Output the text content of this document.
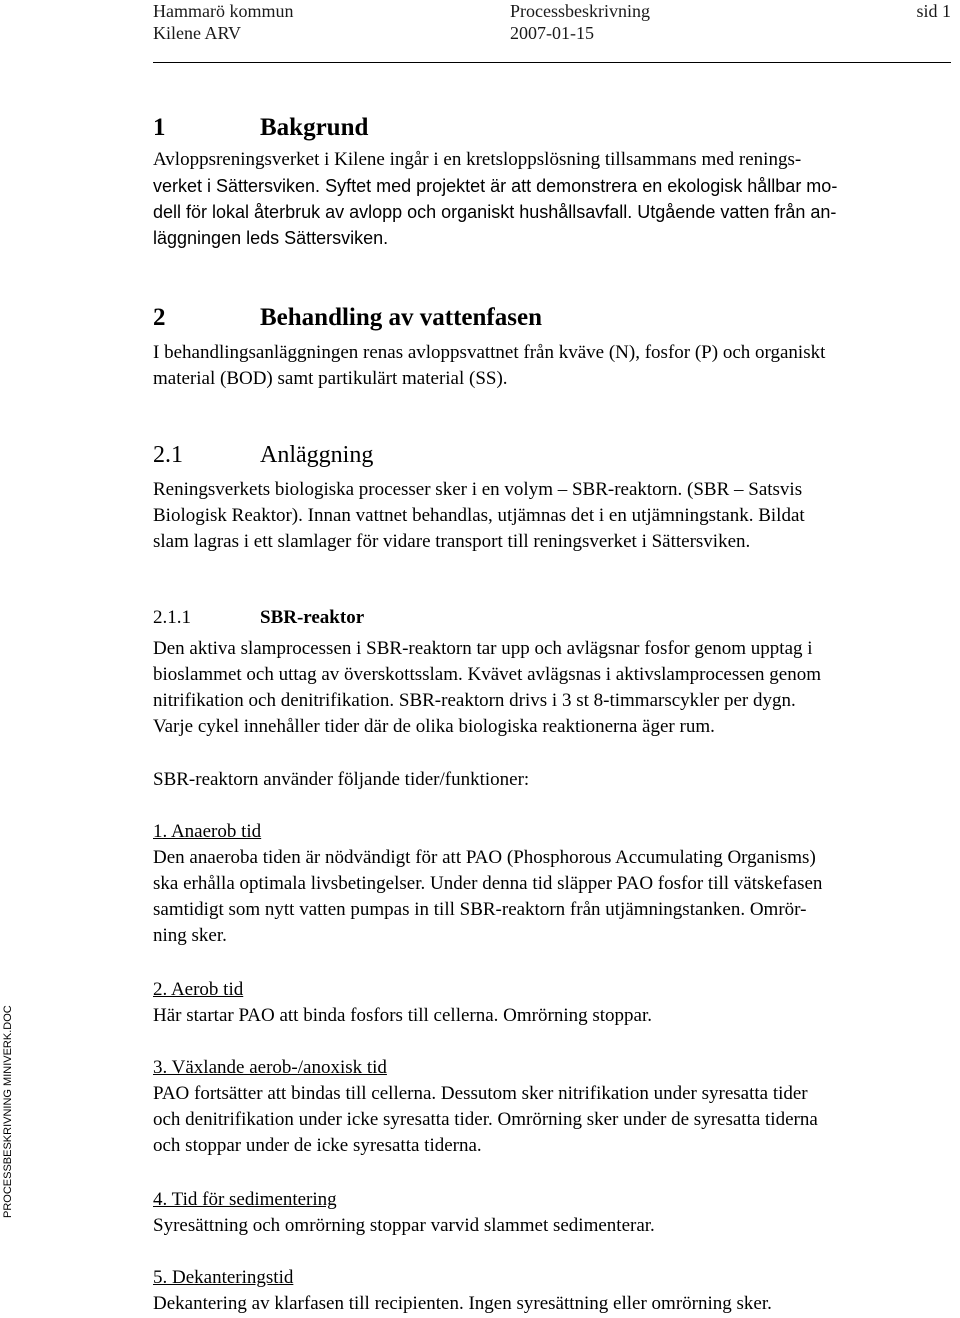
Hammarö kommun	Processbeskrivning	sid 1
Kilene ARV	2007-01-15
1	Bakgrund
Avloppsreningsverket i Kilene ingår i en kretsloppslösning tillsammans med renings-
verket i Sättersviken. Syftet med projektet är att demonstrera en ekologisk hållbar mo-
dell för lokal återbruk av avlopp och organiskt hushållsavfall. Utgående vatten från an-
läggningen leds Sättersviken.
2	Behandling av vattenfasen
I behandlingsanläggningen renas avloppsvattnet från kväve (N), fosfor (P) och organiskt
material (BOD) samt partikulärt material (SS).
2.1	Anläggning
Reningsverkets biologiska processer sker i en volym – SBR-reaktorn. (SBR – Satsvis
Biologisk Reaktor). Innan vattnet behandlas, utjämnas det i en utjämningstank. Bildat
slam lagras i ett slamlager för vidare transport till reningsverket i Sättersviken.
2.1.1	SBR-reaktor
Den aktiva slamprocessen i SBR-reaktorn tar upp och avlägsnar fosfor genom upptag i
bioslammet och uttag av överskottsslam. Kvävet avlägsnas i aktivslamprocessen genom
nitrifikation och denitrifikation. SBR-reaktorn drivs i 3 st 8-timmarscykler per dygn.
Varje cykel innehåller tider där de olika biologiska reaktionerna äger rum.
SBR-reaktorn använder följande tider/funktioner:
1. Anaerob tid
Den anaeroba tiden är nödvändigt för att PAO (Phosphorous Accumulating Organisms)
ska erhålla optimala livsbetingelser. Under denna tid släpper PAO fosfor till vätskefasen
samtidigt som nytt vatten pumpas in till SBR-reaktorn från utjämningstanken. Omrör-
ning sker.
2. Aerob tid
Här startar PAO att binda fosfors till cellerna. Omrörning stoppar.
3. Växlande aerob-/anoxisk tid
PAO fortsätter att bindas till cellerna. Dessutom sker nitrifikation under syresatta tider
och denitrifikation under icke syresatta tider. Omrörning sker under de syresatta tiderna
och stoppar under de icke syresatta tiderna.
4. Tid för sedimentering
Syresättning och omrörning stoppar varvid slammet sedimenterar.
5. Dekanteringstid
Dekantering av klarfasen till recipienten. Ingen syresättning eller omrörning sker.
PROCESSBESKRIVNING MINIVERK.DOC
